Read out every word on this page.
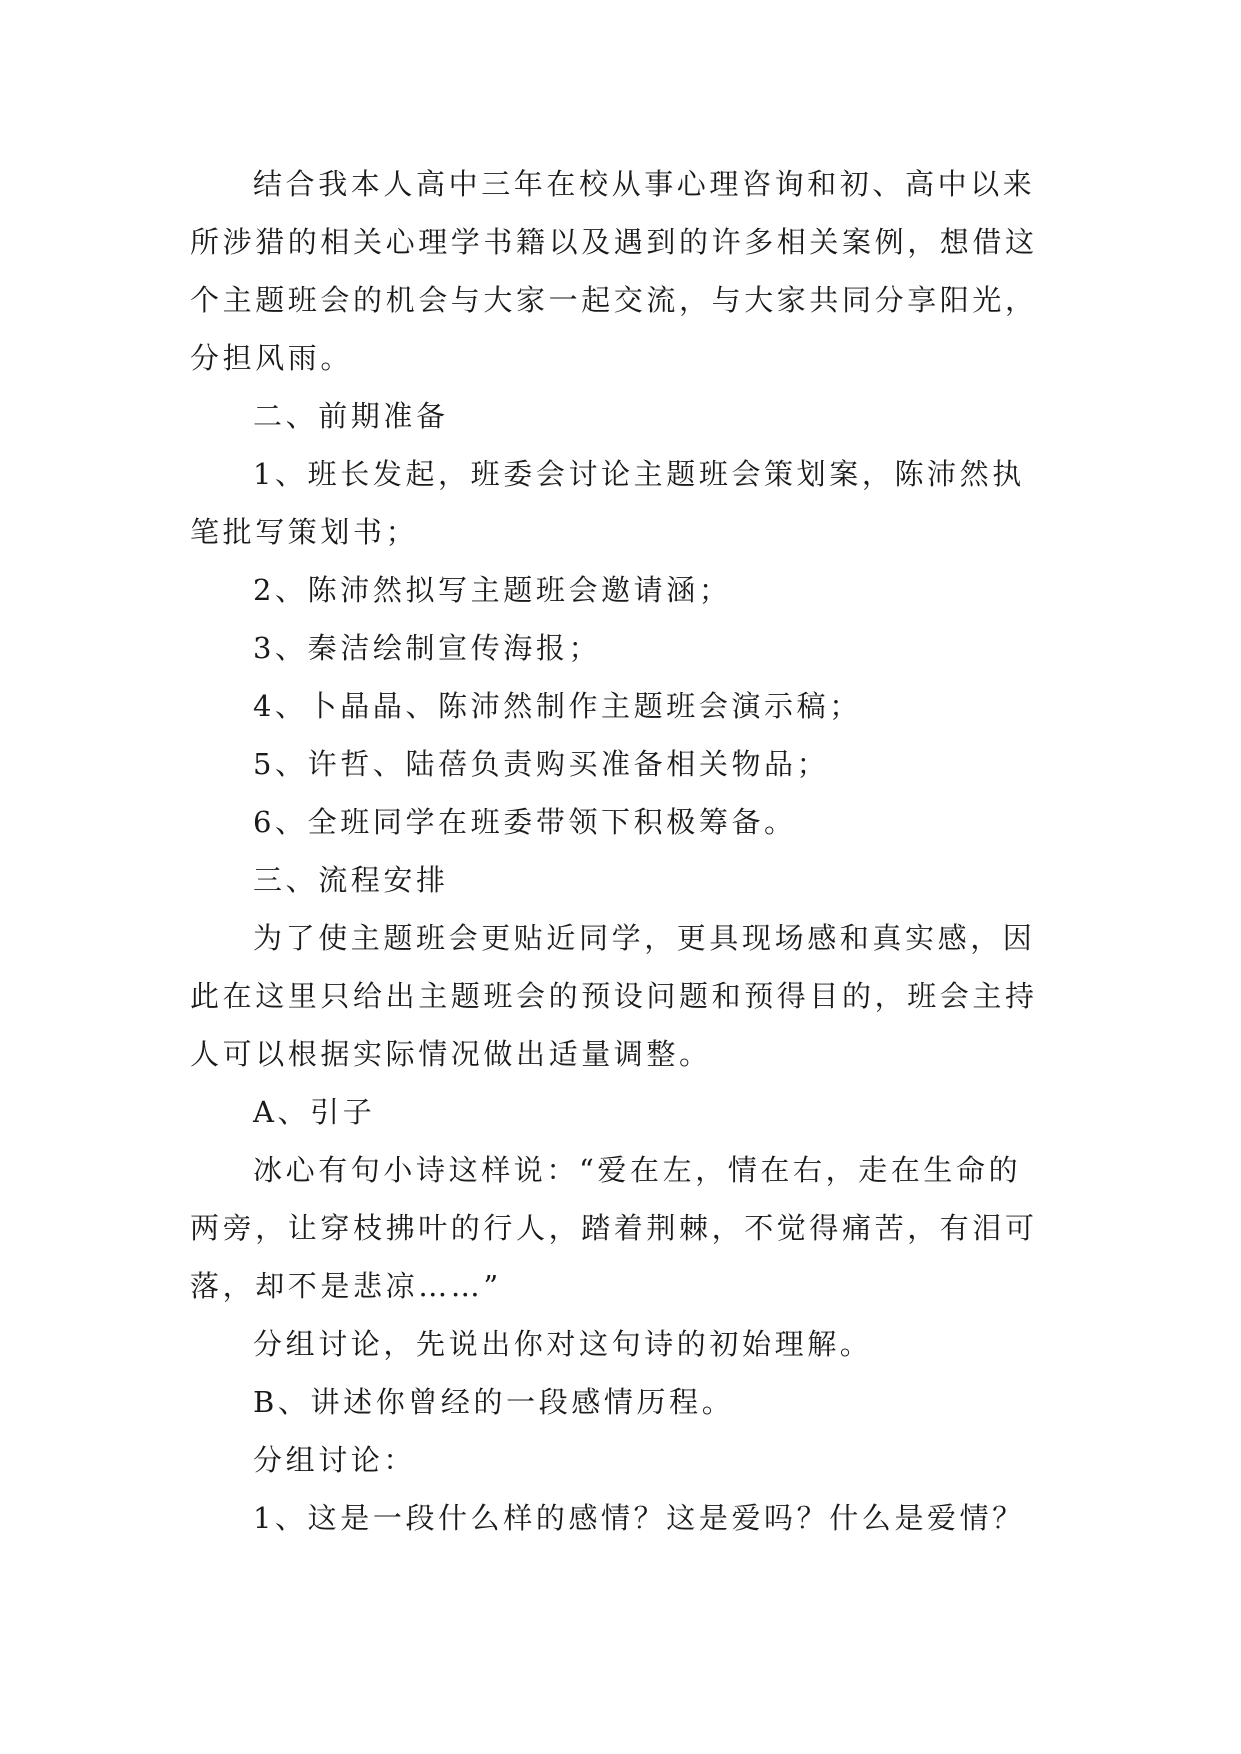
结合我本人高中三年在校从事心理咨询和初、高中以来
所涉猎的相关心理学书籍以及遇到的许多相关案例，想借这
个主题班会的机会与大家一起交流，与大家共同分享阳光，
分担风雨。
二、前期准备
1、班长发起，班委会讨论主题班会策划案，陈沛然执
笔批写策划书；
2、陈沛然拟写主题班会邀请涵；
3、秦洁绘制宣传海报；
4、卜晶晶、陈沛然制作主题班会演示稿；
5、许哲、陆蓓负责购买准备相关物品；
6、全班同学在班委带领下积极筹备。
三、流程安排
为了使主题班会更贴近同学，更具现场感和真实感，因
此在这里只给出主题班会的预设问题和预得目的，班会主持
人可以根据实际情况做出适量调整。
A、引子
冰心有句小诗这样说：“爱在左，情在右，走在生命的
两旁，让穿枝拂叶的行人，踏着荆棘，不觉得痛苦，有泪可
落，却不是悲凉……”
分组讨论，先说出你对这句诗的初始理解。
B、讲述你曾经的一段感情历程。
分组讨论：
1、这是一段什么样的感情？这是爱吗？什么是爱情？
